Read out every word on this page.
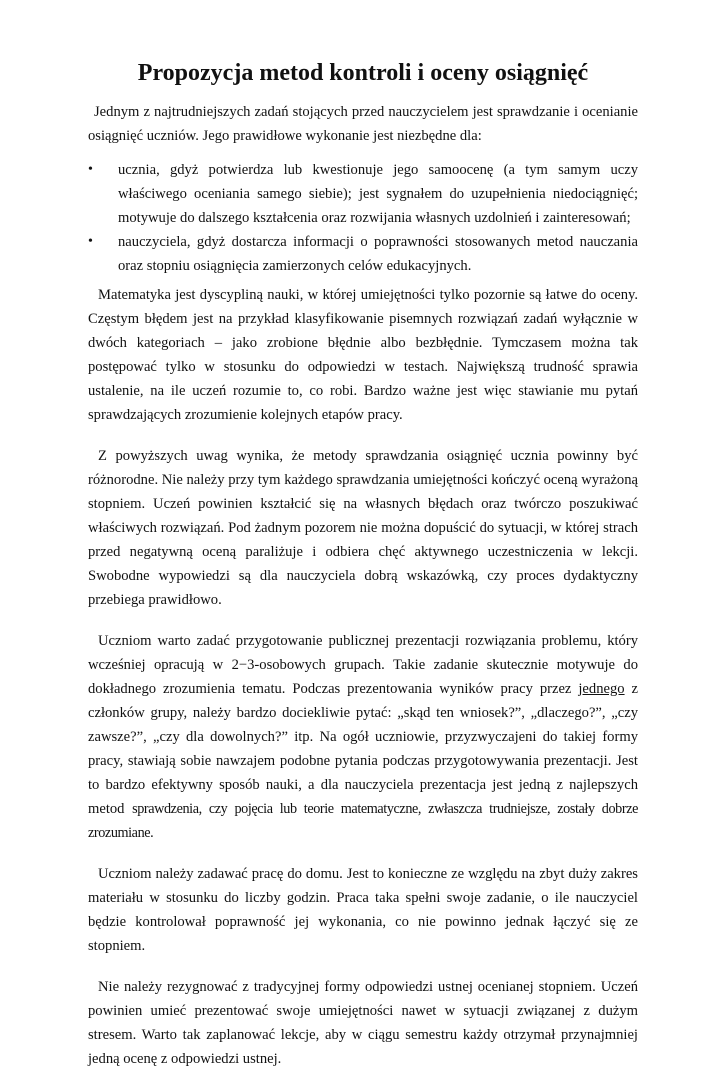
Propozycja metod kontroli i oceny osiągnięć

Jednym z najtrudniejszych zadań stojących przed nauczycielem jest sprawdzanie i ocenianie osiągnięć uczniów. Jego prawidłowe wykonanie jest niezbędne dla:

•	ucznia, gdyż potwierdza lub kwestionuje jego samoocenę (a tym samym uczy właściwego oceniania samego siebie); jest sygnałem do uzupełnienia niedociągnięć; motywuje do dalszego kształcenia oraz rozwijania własnych uzdolnień i zainteresowań;
•	nauczyciela, gdyż dostarcza informacji o poprawności stosowanych metod nauczania oraz stopniu osiągnięcia zamierzonych celów edukacyjnych.

Matematyka jest dyscypliną nauki, w której umiejętności tylko pozornie są łatwe do oceny. Częstym błędem jest na przykład klasyfikowanie pisemnych rozwiązań zadań wyłącznie w dwóch kategoriach – jako zrobione błędnie albo bezbłędnie. Tymczasem można tak postępować tylko w stosunku do odpowiedzi w testach. Największą trudność sprawia ustalenie, na ile uczeń rozumie to, co robi. Bardzo ważne jest więc stawianie mu pytań sprawdzających zrozumienie kolejnych etapów pracy.

Z powyższych uwag wynika, że metody sprawdzania osiągnięć ucznia powinny być różnorodne. Nie należy przy tym każdego sprawdzania umiejętności kończyć oceną wyrażoną stopniem. Uczeń powinien kształcić się na własnych błędach oraz twórczo poszukiwać właściwych rozwiązań. Pod żadnym pozorem nie można dopuścić do sytuacji, w której strach przed negatywną oceną paraliżuje i odbiera chęć aktywnego uczestniczenia w lekcji. Swobodne wypowiedzi są dla nauczyciela dobrą wskazówką, czy proces dydaktyczny przebiega prawidłowo.

Uczniom warto zadać przygotowanie publicznej prezentacji rozwiązania problemu, który wcześniej opracują w 2−3-osobowych grupach. Takie zadanie skutecznie motywuje do dokładnego zrozumienia tematu. Podczas prezentowania wyników pracy przez jednego z członków grupy, należy bardzo dociekliwie pytać: „skąd ten wniosek?”, „dlaczego?”, „czy zawsze?”, „czy dla dowolnych?” itp. Na ogół uczniowie, przyzwyczajeni do takiej formy pracy, stawiają sobie nawzajem podobne pytania podczas przygotowywania prezentacji. Jest to bardzo efektywny sposób nauki, a dla nauczyciela prezentacja jest jedną z najlepszych metod sprawdzenia, czy pojęcia lub teorie matematyczne, zwłaszcza trudniejsze, zostały dobrze zrozumiane.

Uczniom należy zadawać pracę do domu. Jest to konieczne ze względu na zbyt duży zakres materiału w stosunku do liczby godzin. Praca taka spełni swoje zadanie, o ile nauczyciel będzie kontrolował poprawność jej wykonania, co nie powinno jednak łączyć się ze stopniem.

Nie należy rezygnować z tradycyjnej formy odpowiedzi ustnej ocenianej stopniem. Uczeń powinien umieć prezentować swoje umiejętności nawet w sytuacji związanej z dużym stresem. Warto tak zaplanować lekcje, aby w ciągu semestru każdy otrzymał przynajmniej jedną ocenę z odpowiedzi ustnej.
